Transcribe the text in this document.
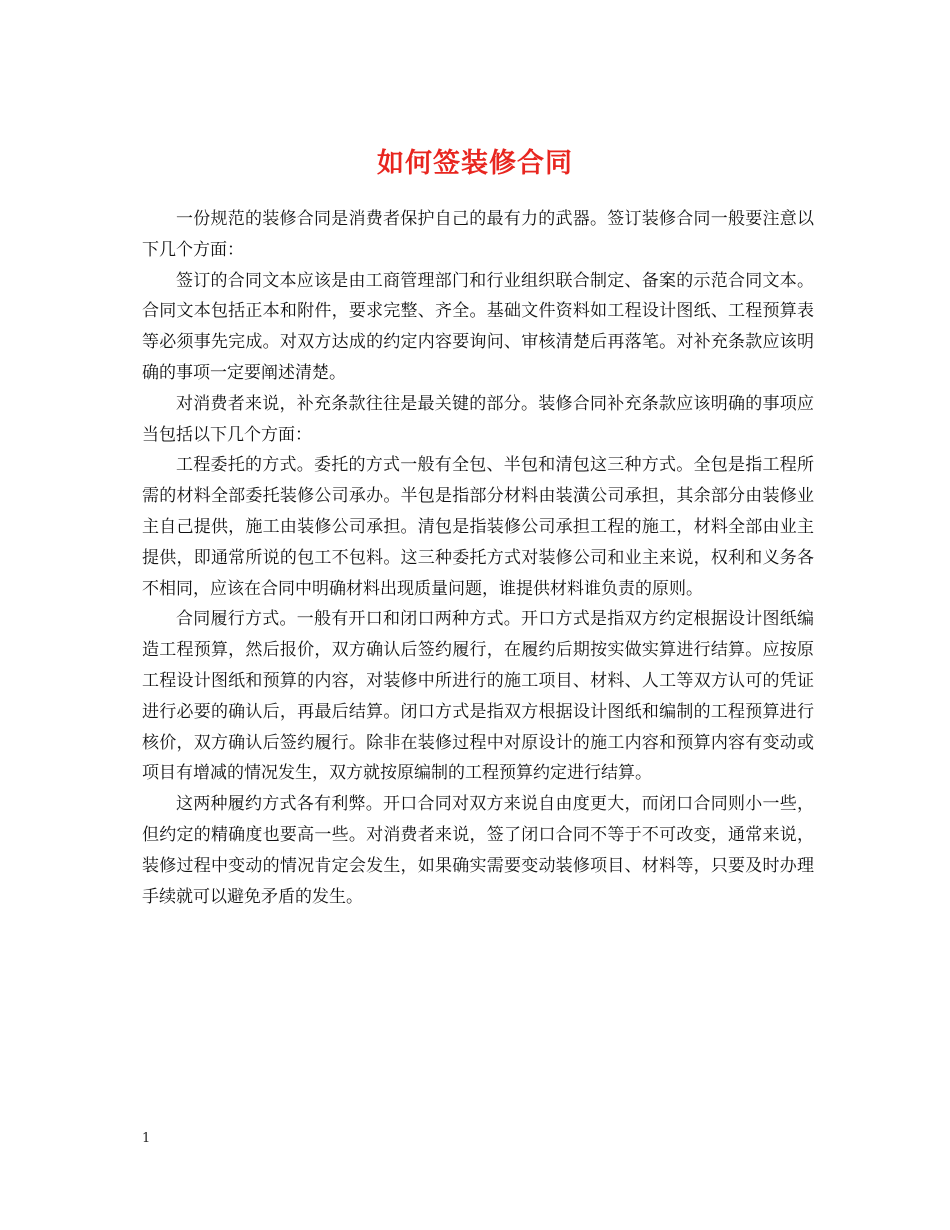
如何签装修合同

一份规范的装修合同是消费者保护自己的最有力的武器。签订装修合同一般要注意以下几个方面：

签订的合同文本应该是由工商管理部门和行业组织联合制定、备案的示范合同文本。合同文本包括正本和附件，要求完整、齐全。基础文件资料如工程设计图纸、工程预算表等必须事先完成。对双方达成的约定内容要询问、审核清楚后再落笔。对补充条款应该明确的事项一定要阐述清楚。

对消费者来说，补充条款往往是最关键的部分。装修合同补充条款应该明确的事项应当包括以下几个方面：

工程委托的方式。委托的方式一般有全包、半包和清包这三种方式。全包是指工程所需的材料全部委托装修公司承办。半包是指部分材料由装潢公司承担，其余部分由装修业主自己提供，施工由装修公司承担。清包是指装修公司承担工程的施工，材料全部由业主提供，即通常所说的包工不包料。这三种委托方式对装修公司和业主来说，权利和义务各不相同，应该在合同中明确材料出现质量问题，谁提供材料谁负责的原则。

合同履行方式。一般有开口和闭口两种方式。开口方式是指双方约定根据设计图纸编造工程预算，然后报价，双方确认后签约履行，在履约后期按实做实算进行结算。应按原工程设计图纸和预算的内容，对装修中所进行的施工项目、材料、人工等双方认可的凭证进行必要的确认后，再最后结算。闭口方式是指双方根据设计图纸和编制的工程预算进行核价，双方确认后签约履行。除非在装修过程中对原设计的施工内容和预算内容有变动或项目有增减的情况发生，双方就按原编制的工程预算约定进行结算。

这两种履约方式各有利弊。开口合同对双方来说自由度更大，而闭口合同则小一些，但约定的精确度也要高一些。对消费者来说，签了闭口合同不等于不可改变，通常来说，装修过程中变动的情况肯定会发生，如果确实需要变动装修项目、材料等，只要及时办理手续就可以避免矛盾的发生。

1
